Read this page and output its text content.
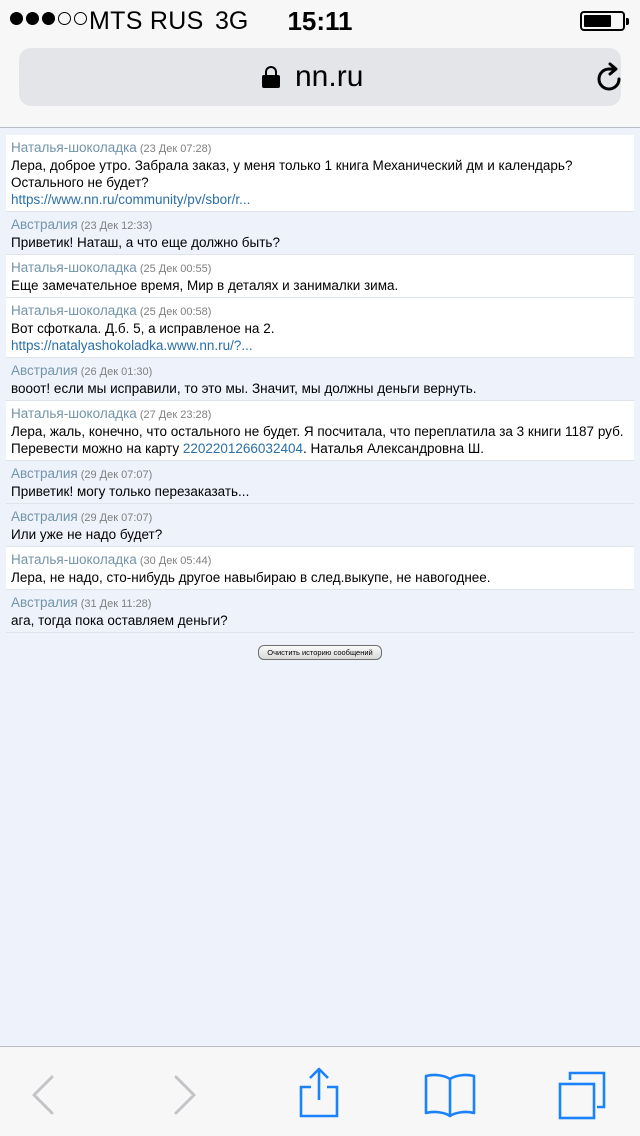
MTS RUS 3G	15:11
nn.ru
Наталья-шоколадка (23 Дек 07:28)
Лера, доброе утро. Забрала заказ, у меня только 1 книга Механический дм и календарь?
Остального не будет?
https://www.nn.ru/community/pv/sbor/r...
Австралия (23 Дек 12:33)
Приветик! Наташ, а что еще должно быть?
Наталья-шоколадка (25 Дек 00:55)
Еще замечательное время, Мир в деталях и занималки зима.
Наталья-шоколадка (25 Дек 00:58)
Вот сфоткала. Д.б. 5, а исправленое на 2.
https://natalyashokoladka.www.nn.ru/?...
Австралия (26 Дек 01:30)
вооот! если мы исправили, то это мы. Значит, мы должны деньги вернуть.
Наталья-шоколадка (27 Дек 23:28)
Лера, жаль, конечно, что остального не будет. Я посчитала, что переплатила за 3 книги 1187 руб.
Перевести можно на карту 2202201266032404. Наталья Александровна Ш.
Австралия (29 Дек 07:07)
Приветик! могу только перезаказать...
Австралия (29 Дек 07:07)
Или уже не надо будет?
Наталья-шоколадка (30 Дек 05:44)
Лера, не надо, сто-нибудь другое навыбираю в след.выкупе, не навогоднее.
Австралия (31 Дек 11:28)
ага, тогда пока оставляем деньги?
Очистить историю сообщений
